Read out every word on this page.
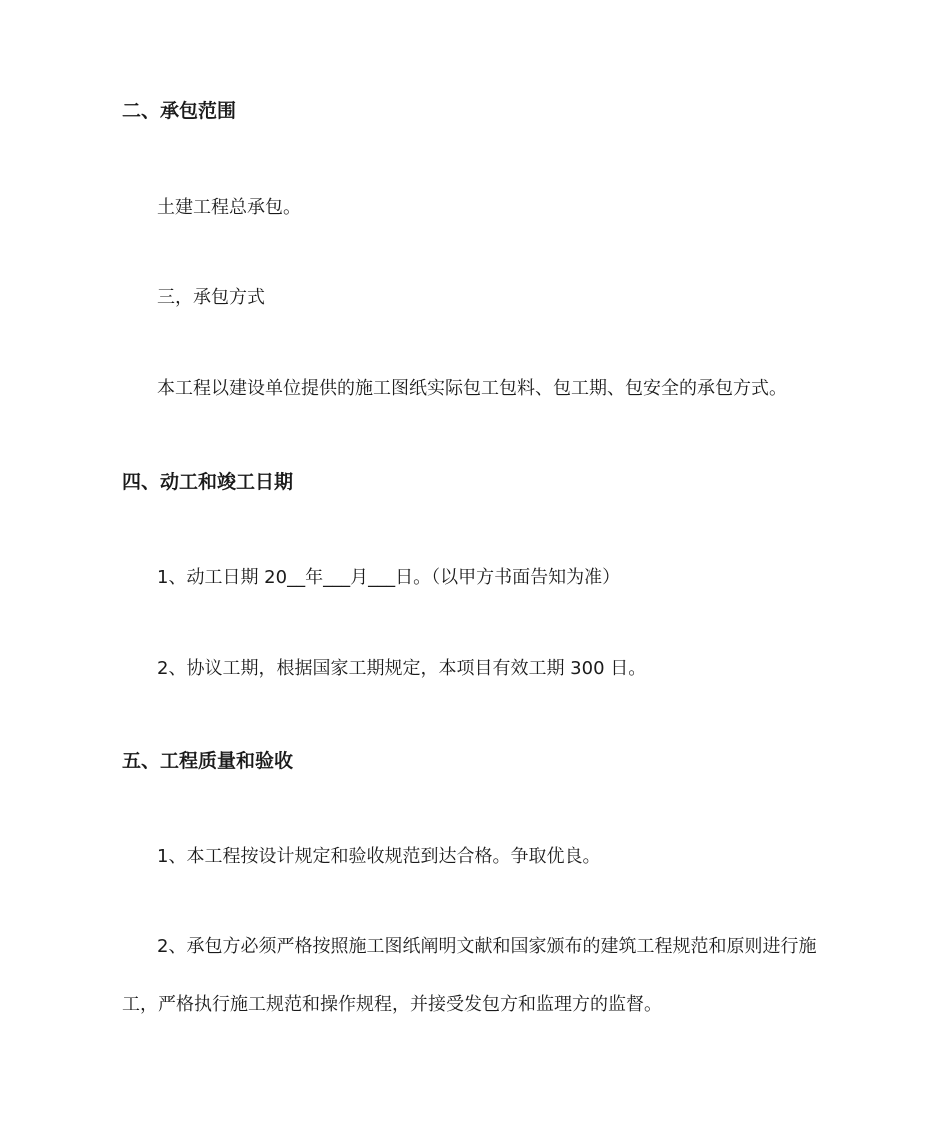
二、承包范围
土建工程总承包。
三，承包方式
本工程以建设单位提供的施工图纸实际包工包料、包工期、包安全的承包方式。
四、动工和竣工日期
1、动工日期 20__年___月___日。（以甲方书面告知为准）
2、协议工期，根据国家工期规定，本项目有效工期 300 日。
五、工程质量和验收
1、本工程按设计规定和验收规范到达合格。争取优良。
2、承包方必须严格按照施工图纸阐明文献和国家颁布的建筑工程规范和原则进行施
工，严格执行施工规范和操作规程，并接受发包方和监理方的监督。
